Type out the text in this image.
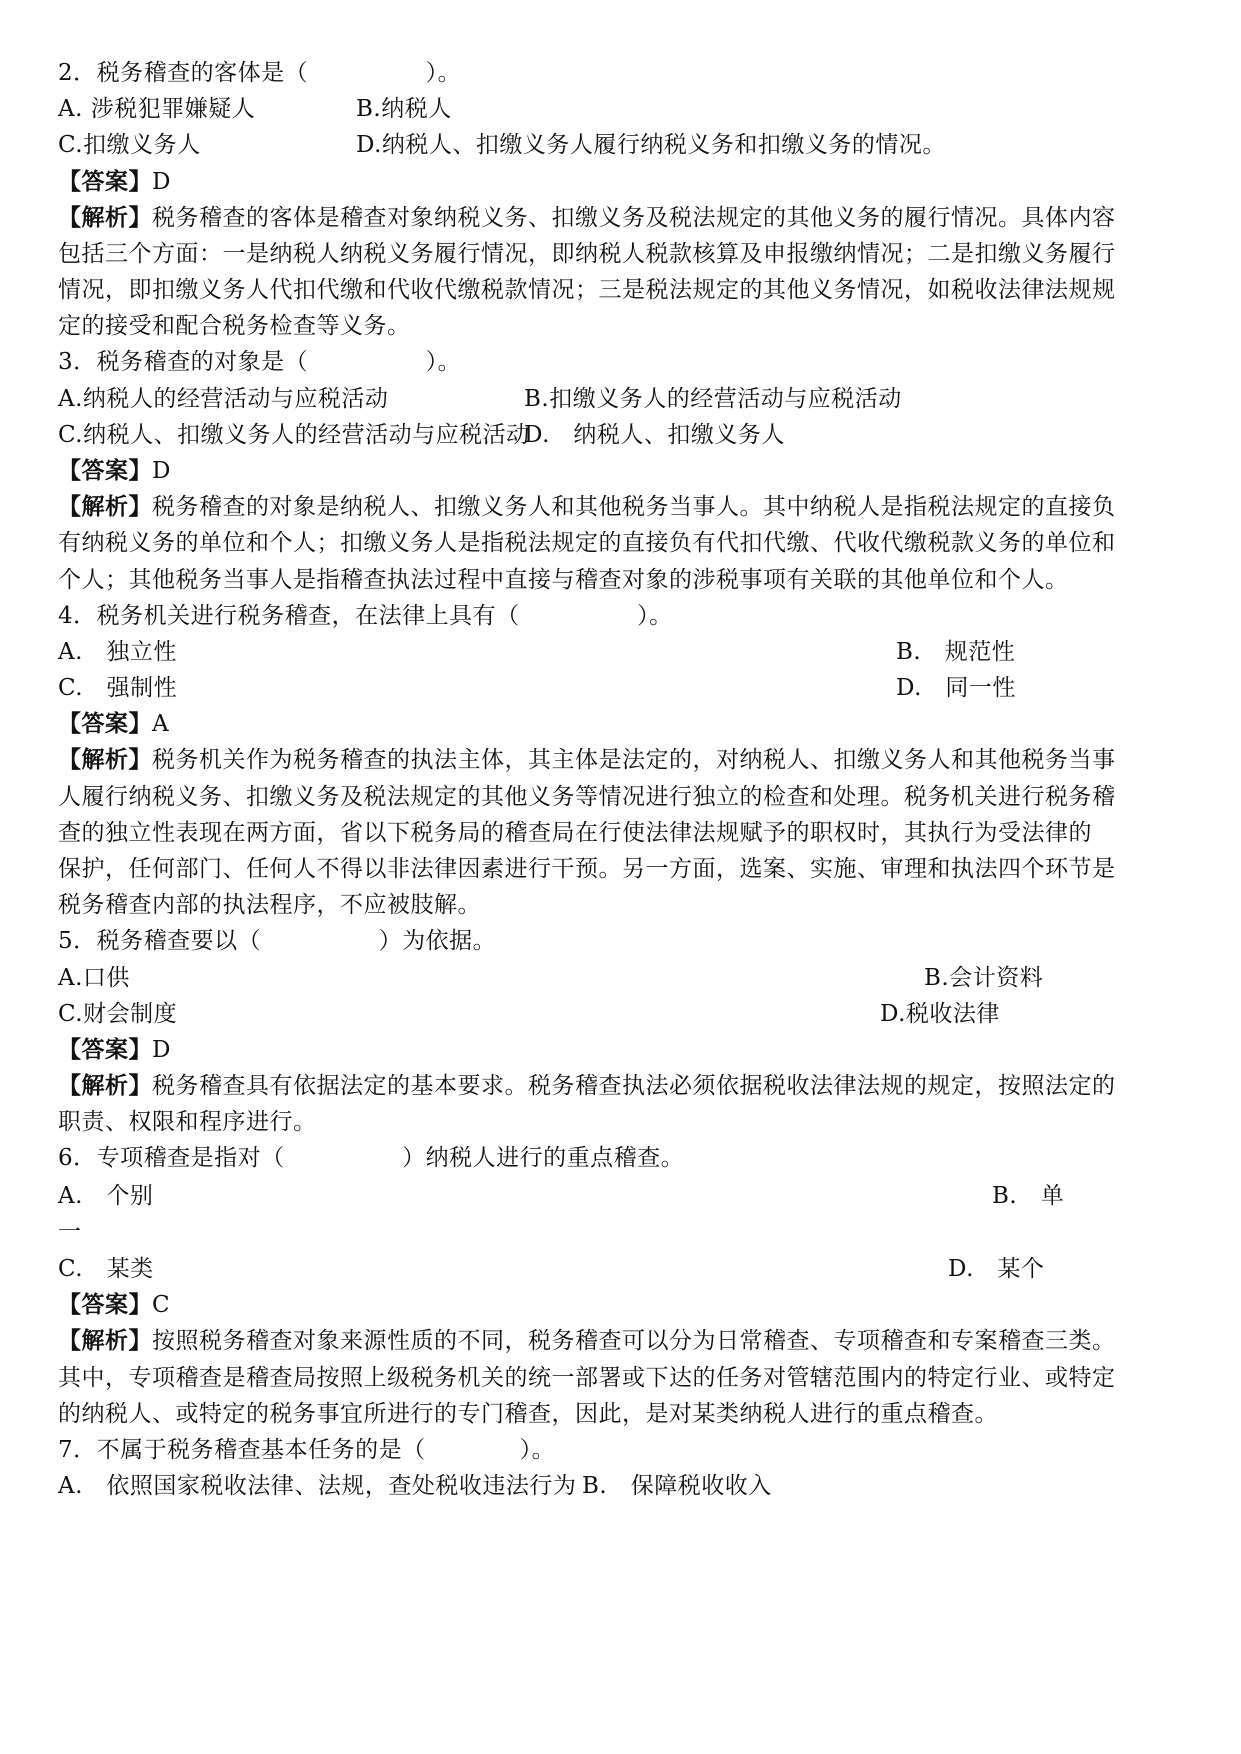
2．税务稽查的客体是（　　　　　）。
A. 涉税犯罪嫌疑人	B.纳税人
C.扣缴义务人	D.纳税人、扣缴义务人履行纳税义务和扣缴义务的情况。
【答案】D
【解析】税务稽查的客体是稽查对象纳税义务、扣缴义务及税法规定的其他义务的履行情况。具体内容
包括三个方面：一是纳税人纳税义务履行情况，即纳税人税款核算及申报缴纳情况；二是扣缴义务履行
情况，即扣缴义务人代扣代缴和代收代缴税款情况；三是税法规定的其他义务情况，如税收法律法规规
定的接受和配合税务检查等义务。
3．税务稽查的对象是（　　　　　）。
A.纳税人的经营活动与应税活动	B.扣缴义务人的经营活动与应税活动
C.纳税人、扣缴义务人的经营活动与应税活动
D.　纳税人、扣缴义务人
【答案】D
【解析】税务稽查的对象是纳税人、扣缴义务人和其他税务当事人。其中纳税人是指税法规定的直接负
有纳税义务的单位和个人；扣缴义务人是指税法规定的直接负有代扣代缴、代收代缴税款义务的单位和
个人；其他税务当事人是指稽查执法过程中直接与稽查对象的涉税事项有关联的其他单位和个人。
4．税务机关进行税务稽查，在法律上具有（　　　　　）。
A.　独立性	B.　规范性
C.　强制性	D.　同一性
【答案】A
【解析】税务机关作为税务稽查的执法主体，其主体是法定的，对纳税人、扣缴义务人和其他税务当事
人履行纳税义务、扣缴义务及税法规定的其他义务等情况进行独立的检查和处理。税务机关进行税务稽
查的独立性表现在两方面，省以下税务局的稽查局在行使法律法规赋予的职权时，其执行为受法律的
保护，任何部门、任何人不得以非法律因素进行干预。另一方面，选案、实施、审理和执法四个环节是
税务稽查内部的执法程序，不应被肢解。
5．税务稽查要以（　　　　　）为依据。
A.口供	B.会计资料
C.财会制度	D.税收法律
【答案】D
【解析】税务稽查具有依据法定的基本要求。税务稽查执法必须依据税收法律法规的规定，按照法定的
职责、权限和程序进行。
6．专项稽查是指对（　　　　　）纳税人进行的重点稽查。
A.　个别	B.　单
一
C.　某类	D.　某个
【答案】C
【解析】按照税务稽查对象来源性质的不同，税务稽查可以分为日常稽查、专项稽查和专案稽查三类。
其中，专项稽查是稽查局按照上级税务机关的统一部署或下达的任务对管辖范围内的特定行业、或特定
的纳税人、或特定的税务事宜所进行的专门稽查，因此，是对某类纳税人进行的重点稽查。
7．不属于税务稽查基本任务的是（　　　　）。
A.　依照国家税收法律、法规，查处税收违法行为 B.　保障税收收入
